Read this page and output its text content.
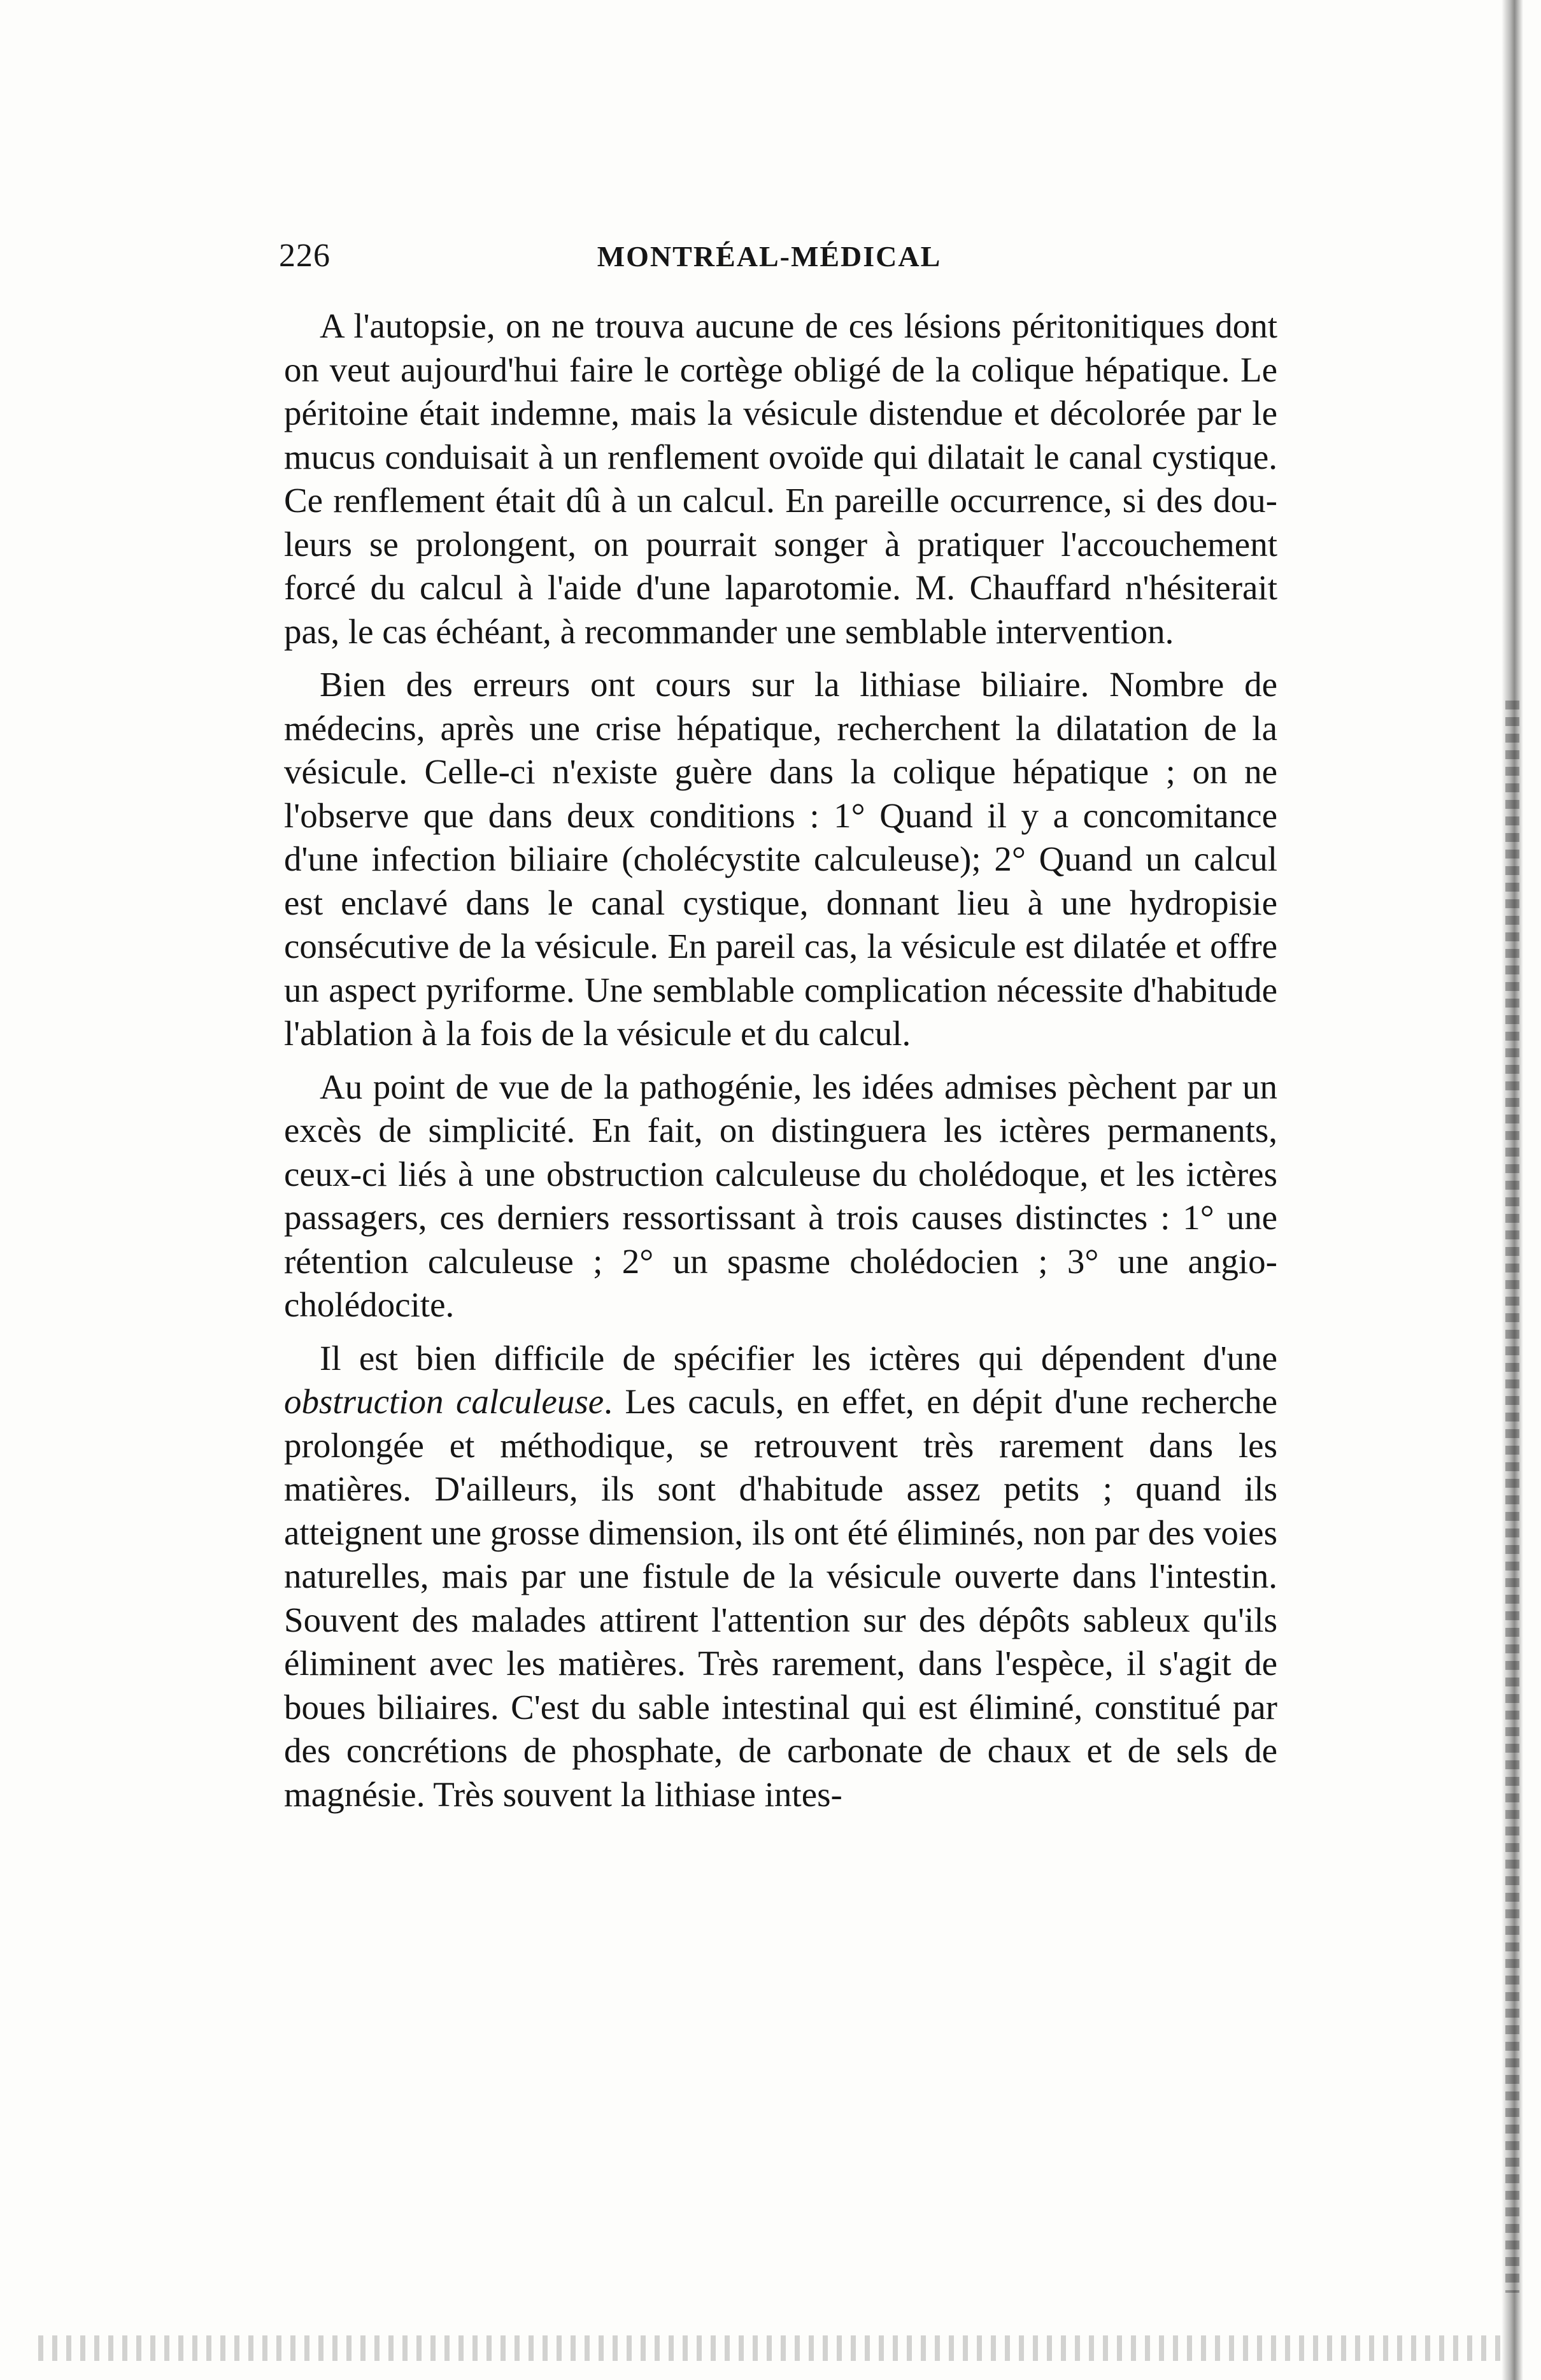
226	MONTRÉAL-MÉDICAL

A l'autopsie, on ne trouva aucune de ces lésions péritonitiques dont on veut aujourd'hui faire le cortège obligé de la colique hépatique. Le péritoine était indemne, mais la vésicule distendue et décolorée par le mucus conduisait à un renflement ovoïde qui dilatait le canal cystique. Ce renflement était dû à un calcul. En pareille occurrence, si des douleurs se prolongent, on pourrait songer à pratiquer l'accouchement forcé du calcul à l'aide d'une laparotomie. M. Chauffard n'hésiterait pas, le cas échéant, à recommander une semblable intervention.

Bien des erreurs ont cours sur la lithiase biliaire. Nombre de médecins, après une crise hépatique, recherchent la dilatation de la vésicule. Celle-ci n'existe guère dans la colique hépatique ; on ne l'observe que dans deux conditions : 1° Quand il y a concomitance d'une infection biliaire (cholécystite calculeuse); 2° Quand un calcul est enclavé dans le canal cystique, donnant lieu à une hydropisie consécutive de la vésicule. En pareil cas, la vésicule est dilatée et offre un aspect pyriforme. Une semblable complication nécessite d'habitude l'ablation à la fois de la vésicule et du calcul.

Au point de vue de la pathogénie, les idées admises pèchent par un excès de simplicité. En fait, on distinguera les ictères permanents, ceux-ci liés à une obstruction calculeuse du cholédoque, et les ictères passagers, ces derniers ressortissant à trois causes distinctes : 1° une rétention calculeuse ; 2° un spasme cholédocien ; 3° une angio-cholédocite.

Il est bien difficile de spécifier les ictères qui dépendent d'une obstruction calculeuse. Les caculs, en effet, en dépit d'une recherche prolongée et méthodique, se retrouvent très rarement dans les matières. D'ailleurs, ils sont d'habitude assez petits ; quand ils atteignent une grosse dimension, ils ont été éliminés, non par des voies naturelles, mais par une fistule de la vésicule ouverte dans l'intestin. Souvent des malades attirent l'attention sur des dépôts sableux qu'ils éliminent avec les matières. Très rarement, dans l'espèce, il s'agit de boues biliaires. C'est du sable intestinal qui est éliminé, constitué par des concrétions de phosphate, de carbonate de chaux et de sels de magnésie. Très souvent la lithiase intes-
